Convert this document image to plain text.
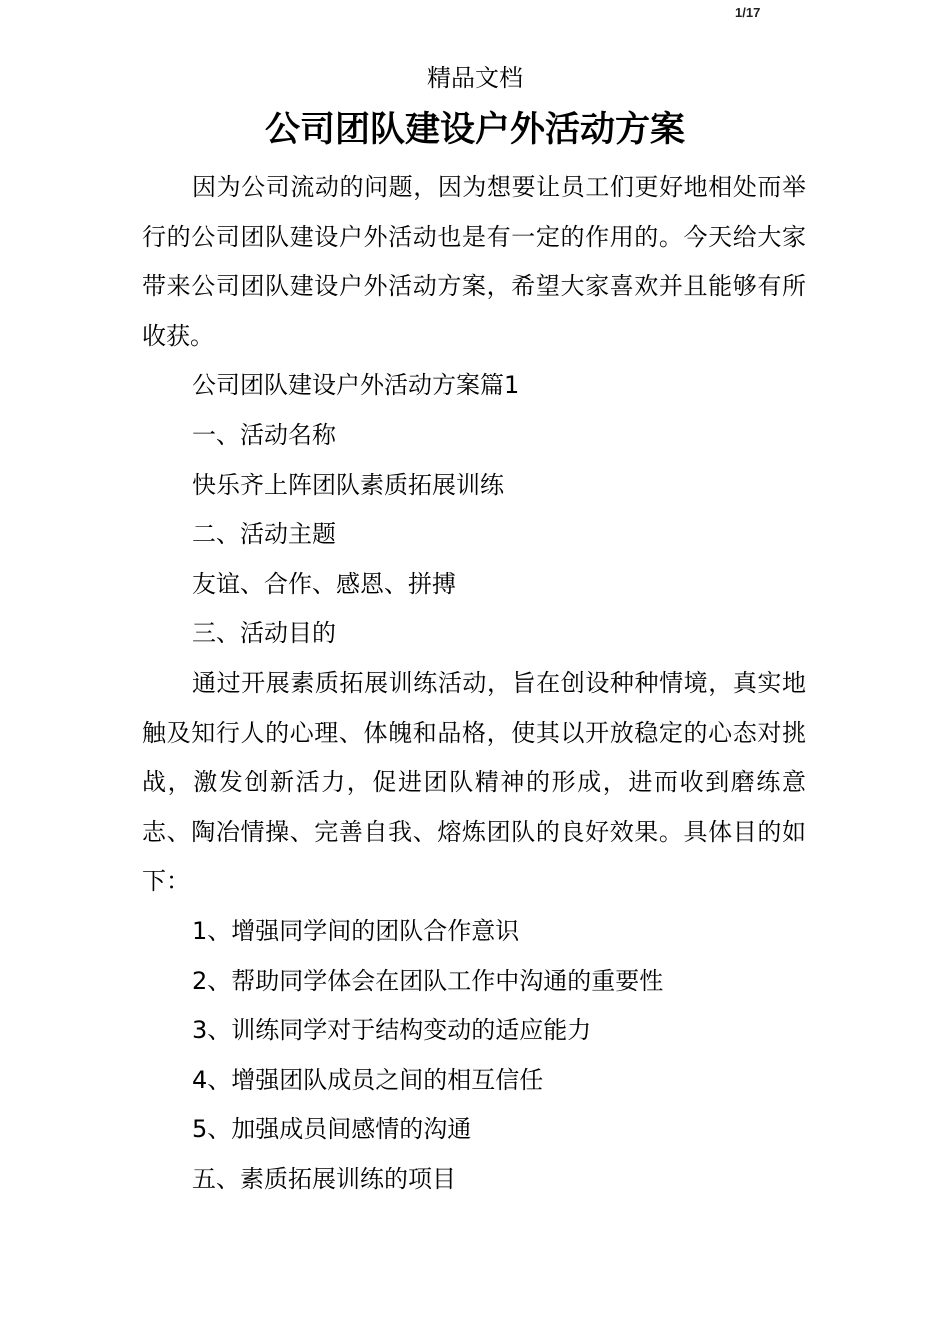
1/17
精品文档
公司团队建设户外活动方案

因为公司流动的问题，因为想要让员工们更好地相处而举行的公司团队建设户外活动也是有一定的作用的。今天给大家带来公司团队建设户外活动方案，希望大家喜欢并且能够有所收获。

公司团队建设户外活动方案篇1

一、活动名称

快乐齐上阵团队素质拓展训练

二、活动主题

友谊、合作、感恩、拼搏

三、活动目的

通过开展素质拓展训练活动，旨在创设种种情境，真实地触及知行人的心理、体魄和品格，使其以开放稳定的心态对挑战，激发创新活力，促进团队精神的形成，进而收到磨练意志、陶冶情操、完善自我、熔炼团队的良好效果。具体目的如下：

1、增强同学间的团队合作意识

2、帮助同学体会在团队工作中沟通的重要性

3、训练同学对于结构变动的适应能力

4、增强团队成员之间的相互信任

5、加强成员间感情的沟通

五、素质拓展训练的项目
